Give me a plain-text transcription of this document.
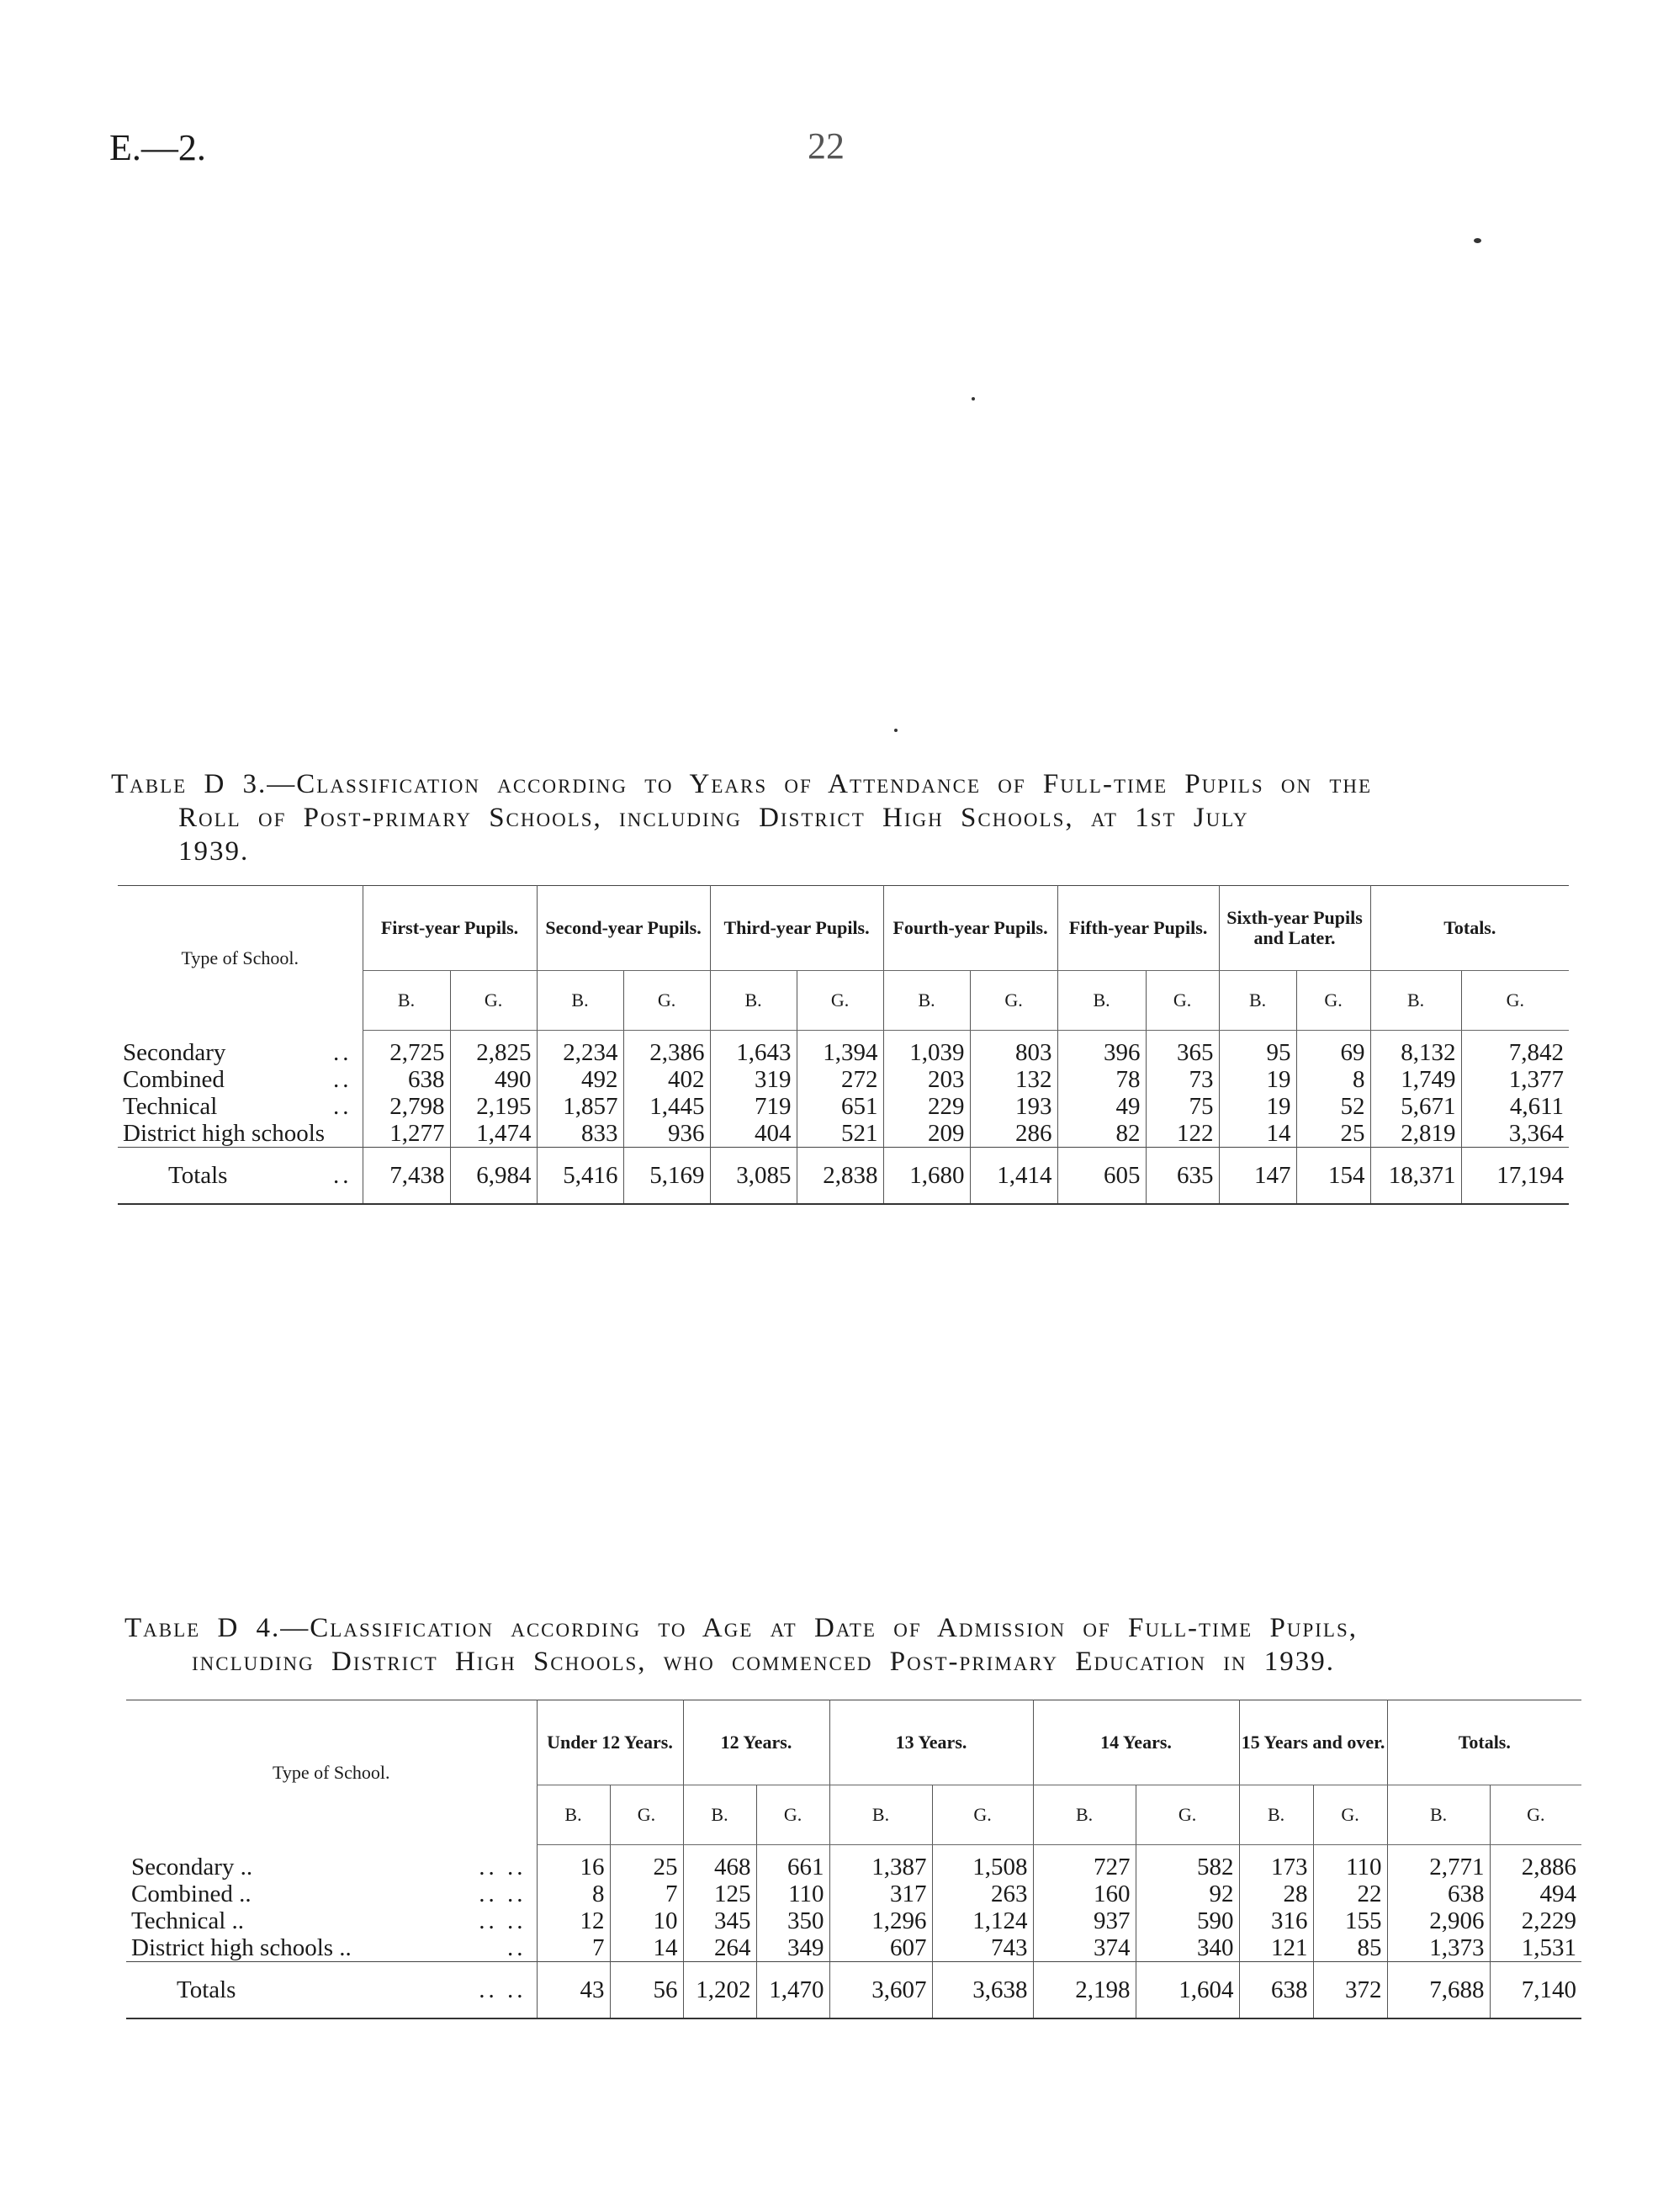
E.—2.	22
Table D 3.—Classification according to Years of Attendance of Full-time Pupils on the
Roll of Post-primary Schools, including District High Schools, at 1st July
1939.
Type of School.	First-year Pupils.		Second-year Pupils.		Third-year Pupils.		Fourth-year Pupils.		Fifth-year Pupils.		Sixth-year Pupils and Later.		Totals.	
	B.	G.	B.	G.	B.	G.	B.	G.	B.	G.	B.	G.	B.	G.
Secondary ..	2,725	2,825	2,234	2,386	1,643	1,394	1,039	803	396	365	95	69	8,132	7,842
Combined ..	638	490	492	402	319	272	203	132	78	73	19	8	1,749	1,377
Technical ..	2,798	2,195	1,857	1,445	719	651	229	193	49	75	19	52	5,671	4,611
District high schools	1,277	1,474	833	936	404	521	209	286	82	122	14	25	2,819	3,364
Totals ..	7,438	6,984	5,416	5,169	3,085	2,838	1,680	1,414	605	635	147	154	18,371	17,194
Table D 4.—Classification according to Age at Date of Admission of Full-time Pupils,
including District High Schools, who commenced Post-primary Education in 1939.
Type of School.	Under 12 Years.		12 Years.		13 Years.		14 Years.		15 Years and over.		Totals.	
	B.	G.	B.	G.	B.	G.	B.	G.	B.	G.	B.	G.
Secondary .. .. ..	16	25	468	661	1,387	1,508	727	582	173	110	2,771	2,886
Combined .. .. ..	8	7	125	110	317	263	160	92	28	22	638	494
Technical .. .. ..	12	10	345	350	1,296	1,124	937	590	316	155	2,906	2,229
District high schools .. ..	7	14	264	349	607	743	374	340	121	85	1,373	1,531
Totals .. ..	43	56	1,202	1,470	3,607	3,638	2,198	1,604	638	372	7,688	7,140
